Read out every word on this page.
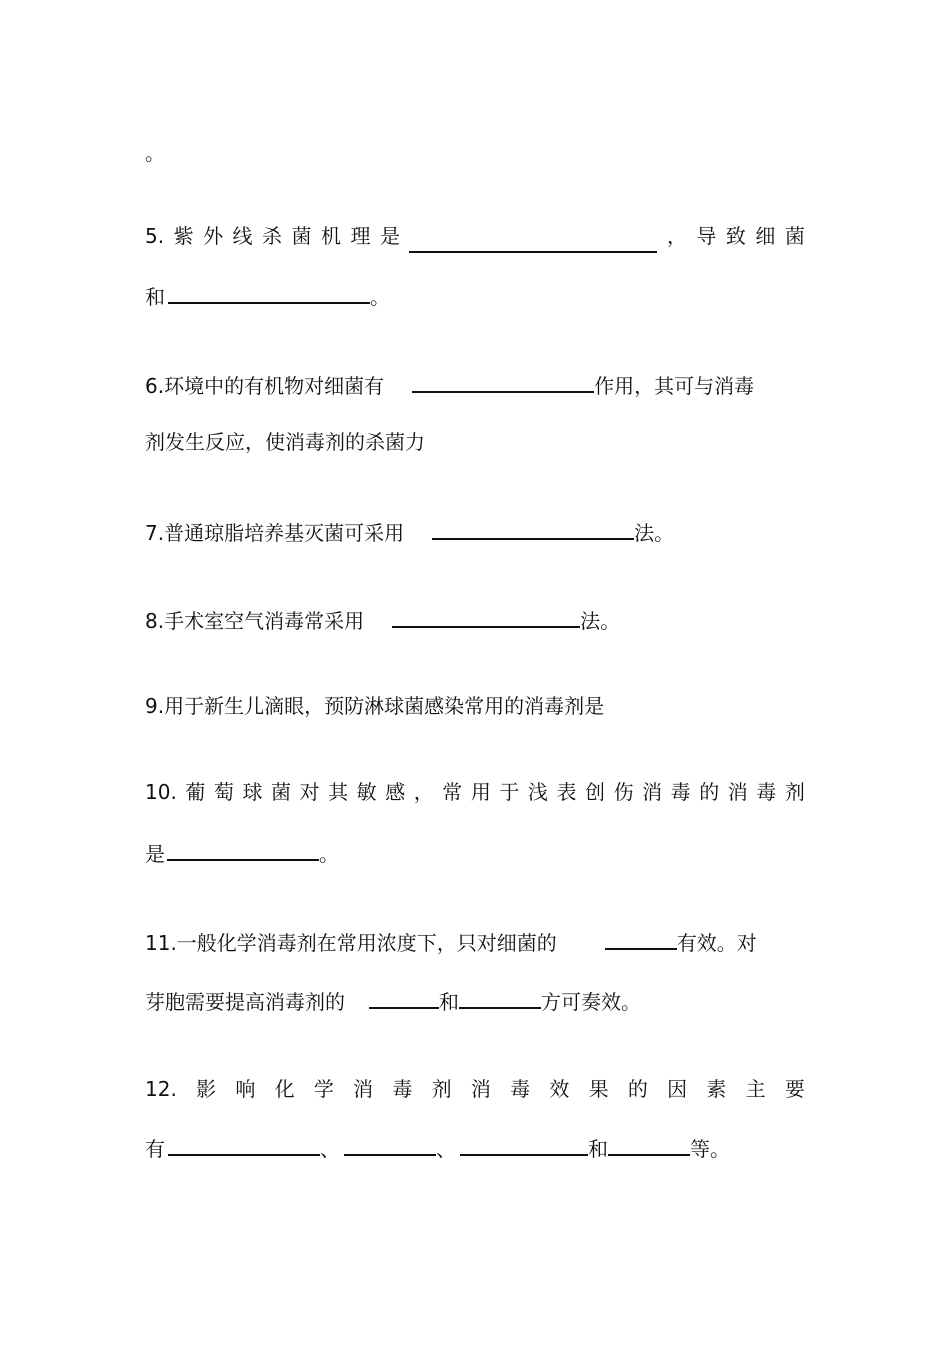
。
5. 紫 外 线 杀 菌 机 理 是	， 导 致 细 菌
和	。
6.环境中的有机物对细菌有	作用，其可与消毒
剂发生反应，使消毒剂的杀菌力
7.普通琼脂培养基灭菌可采用	法。
8.手术室空气消毒常采用	法。
9.用于新生儿滴眼，预防淋球菌感染常用的消毒剂是
10. 葡 萄 球 菌 对 其 敏 感 ， 常 用 于 浅 表 创 伤 消 毒 的 消 毒 剂
是	。
11.一般化学消毒剂在常用浓度下，只对细菌的	有效。对
芽胞需要提高消毒剂的	和	方可奏效。
12. 影 响 化 学 消 毒 剂 消 毒 效 果 的 因 素 主 要
有	、	、	和	等。
